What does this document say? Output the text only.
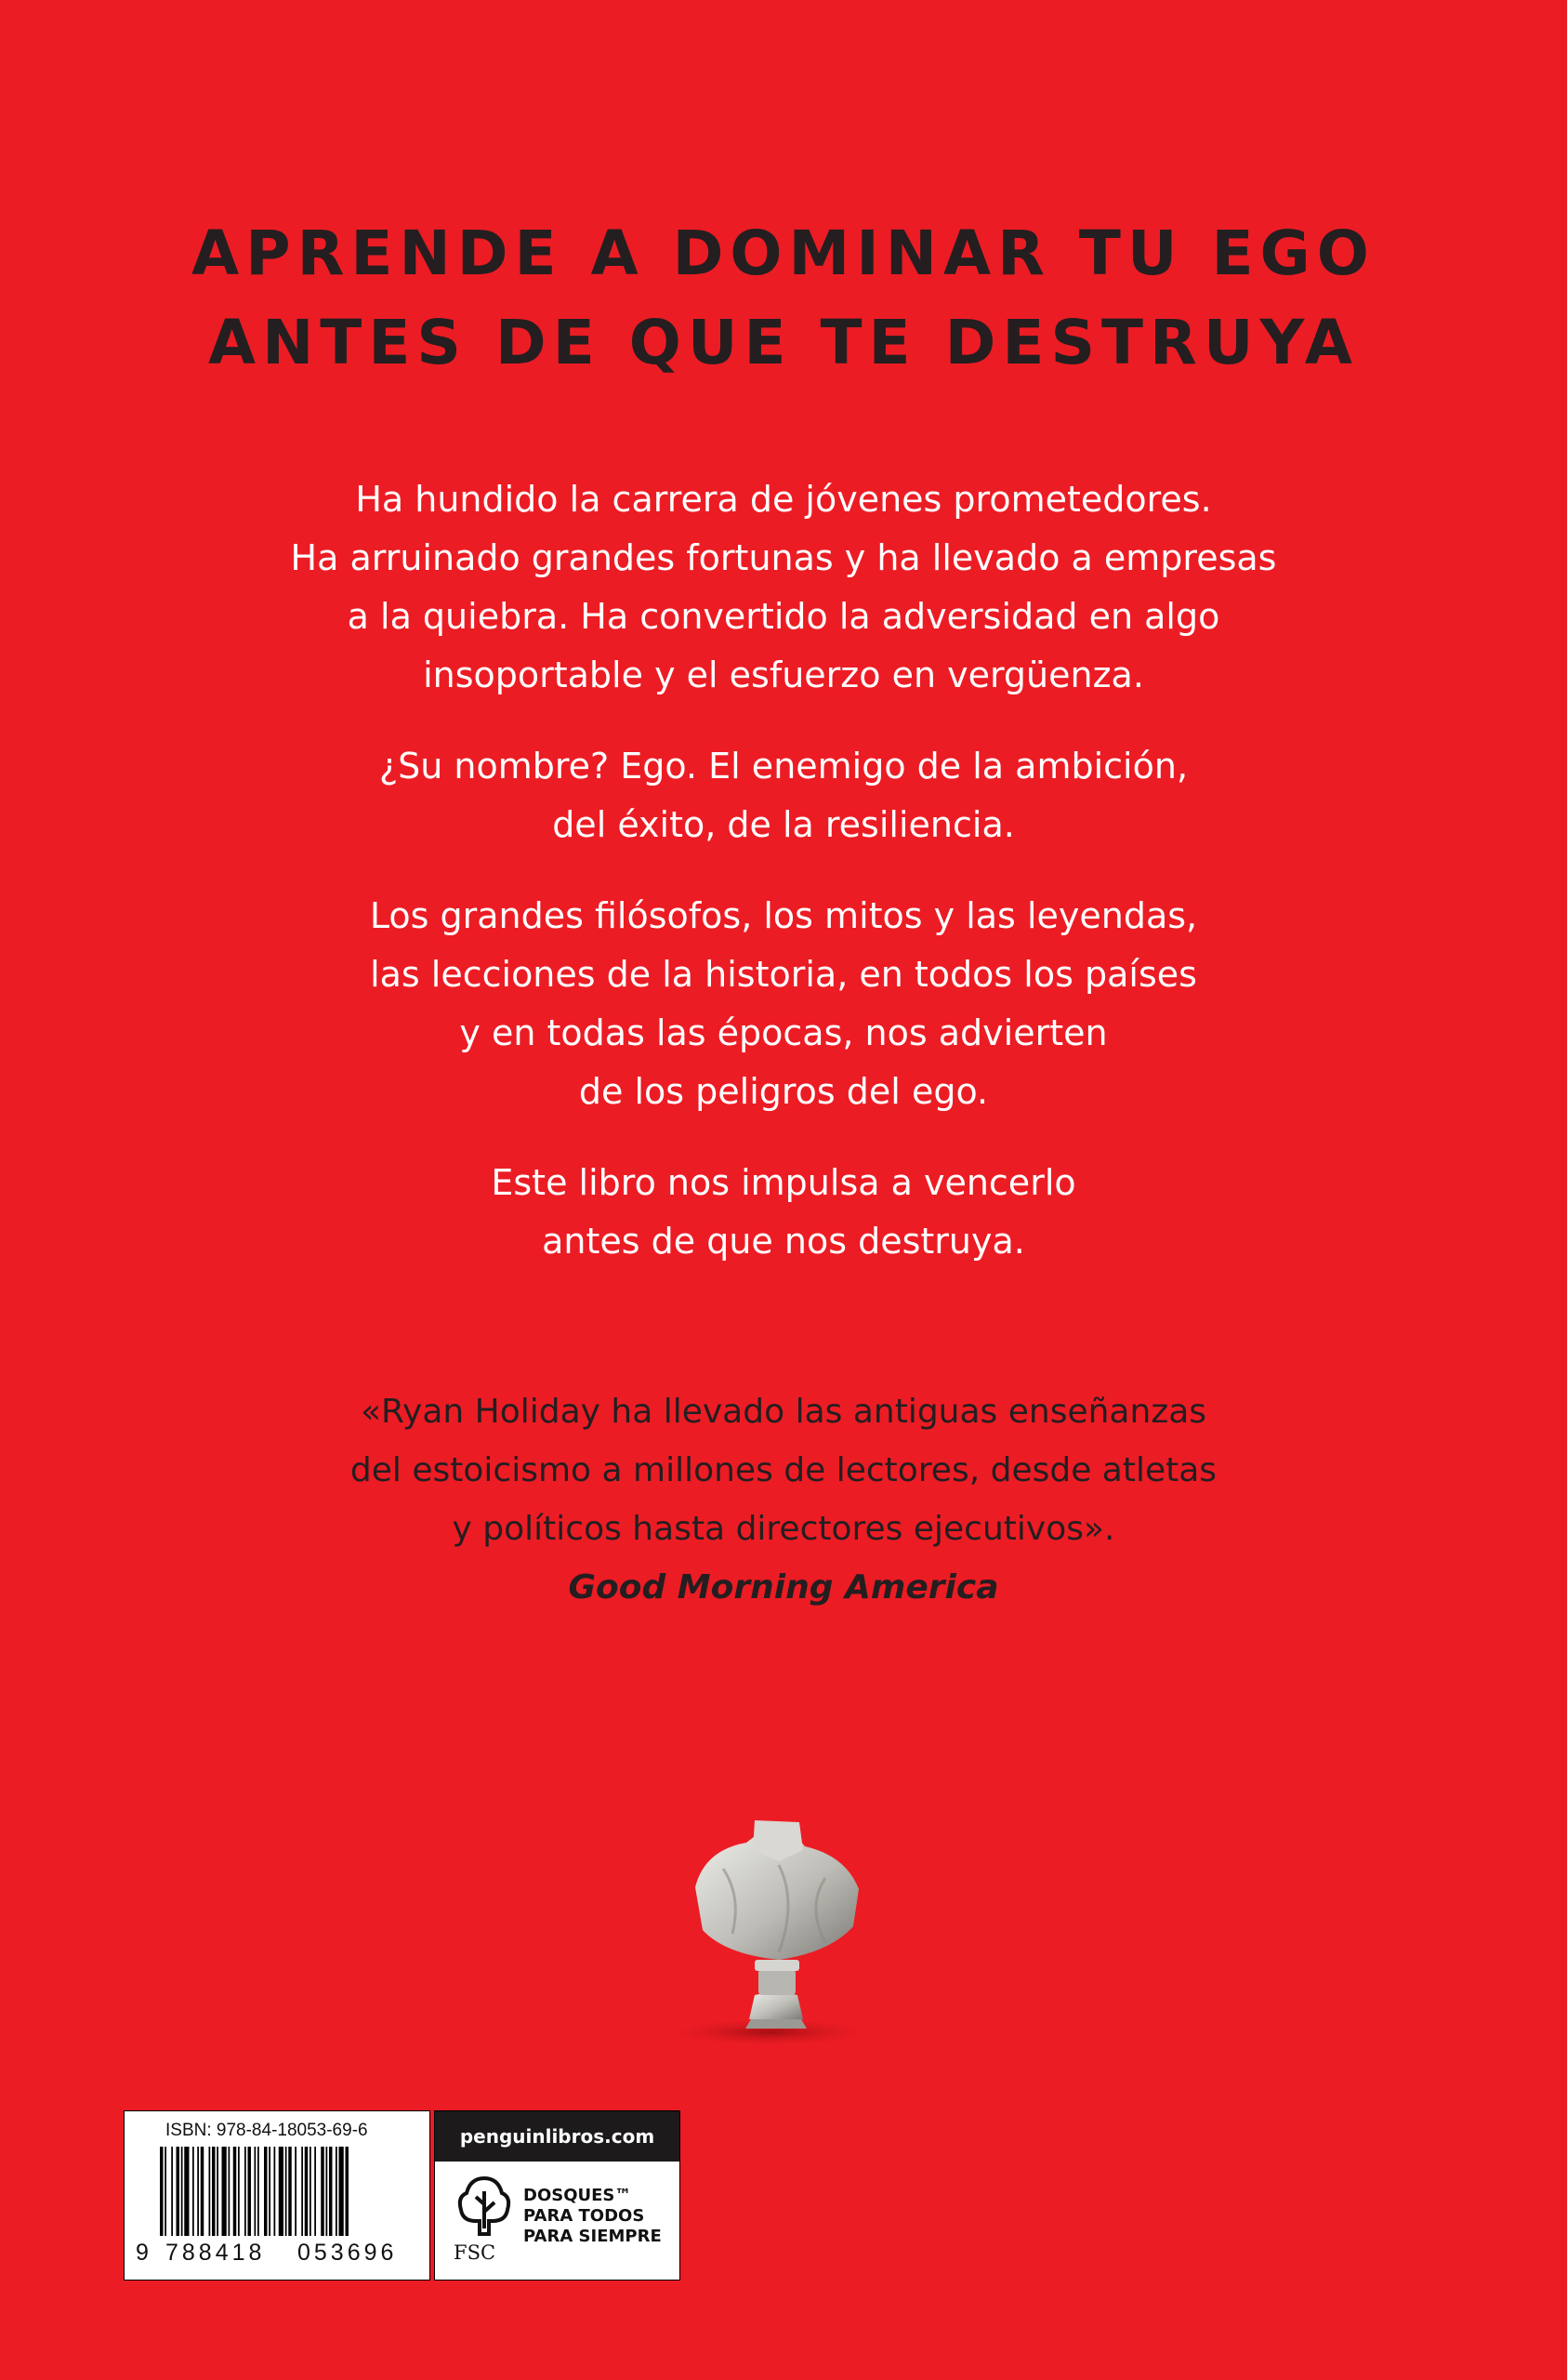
APRENDE A DOMINAR TU EGO
ANTES DE QUE TE DESTRUYA
Ha hundido la carrera de jóvenes prometedores.
Ha arruinado grandes fortunas y ha llevado a empresas
a la quiebra. Ha convertido la adversidad en algo
insoportable y el esfuerzo en vergüenza.
¿Su nombre? Ego. El enemigo de la ambición,
del éxito, de la resiliencia.
Los grandes filósofos, los mitos y las leyendas,
las lecciones de la historia, en todos los países
y en todas las épocas, nos advierten
de los peligros del ego.
Este libro nos impulsa a vencerlo
antes de que nos destruya.
«Ryan Holiday ha llevado las antiguas enseñanzas
del estoicismo a millones de lectores, desde atletas
y políticos hasta directores ejecutivos».
Good Morning America
ISBN: 978-84-18053-69-6
9 788418 053696
penguinlibros.com
FSC
DOSQUES™
PARA TODOS
PARA SIEMPRE
